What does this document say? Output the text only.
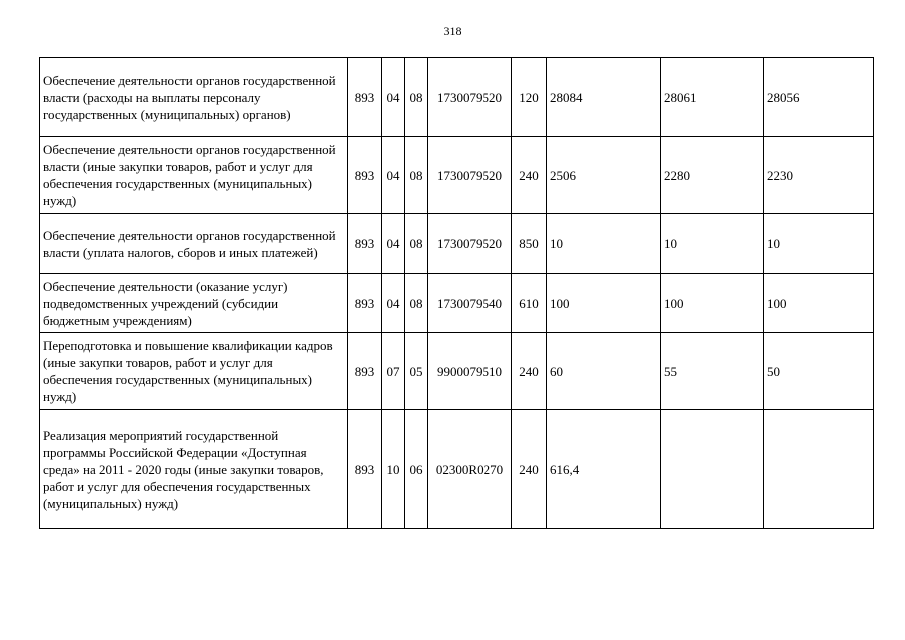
318
Обеспечение деятельности органов государственной власти (расходы на выплаты персоналу государственных (муниципальных) органов)	893	04	08	1730079520	120	28084	28061	28056
Обеспечение деятельности органов государственной власти (иные закупки товаров, работ и услуг для обеспечения государственных (муниципальных) нужд)	893	04	08	1730079520	240	2506	2280	2230
Обеспечение деятельности органов государственной власти (уплата налогов, сборов и иных платежей)	893	04	08	1730079520	850	10	10	10
Обеспечение деятельности (оказание услуг) подведомственных учреждений (субсидии бюджетным учреждениям)	893	04	08	1730079540	610	100	100	100
Переподготовка и повышение квалификации кадров (иные закупки товаров, работ и услуг для обеспечения государственных (муниципальных) нужд)	893	07	05	9900079510	240	60	55	50
Реализация мероприятий государственной программы Российской Федерации «Доступная среда» на 2011 - 2020 годы (иные закупки товаров, работ и услуг для обеспечения государственных (муниципальных) нужд)	893	10	06	02300R0270	240	616,4		
